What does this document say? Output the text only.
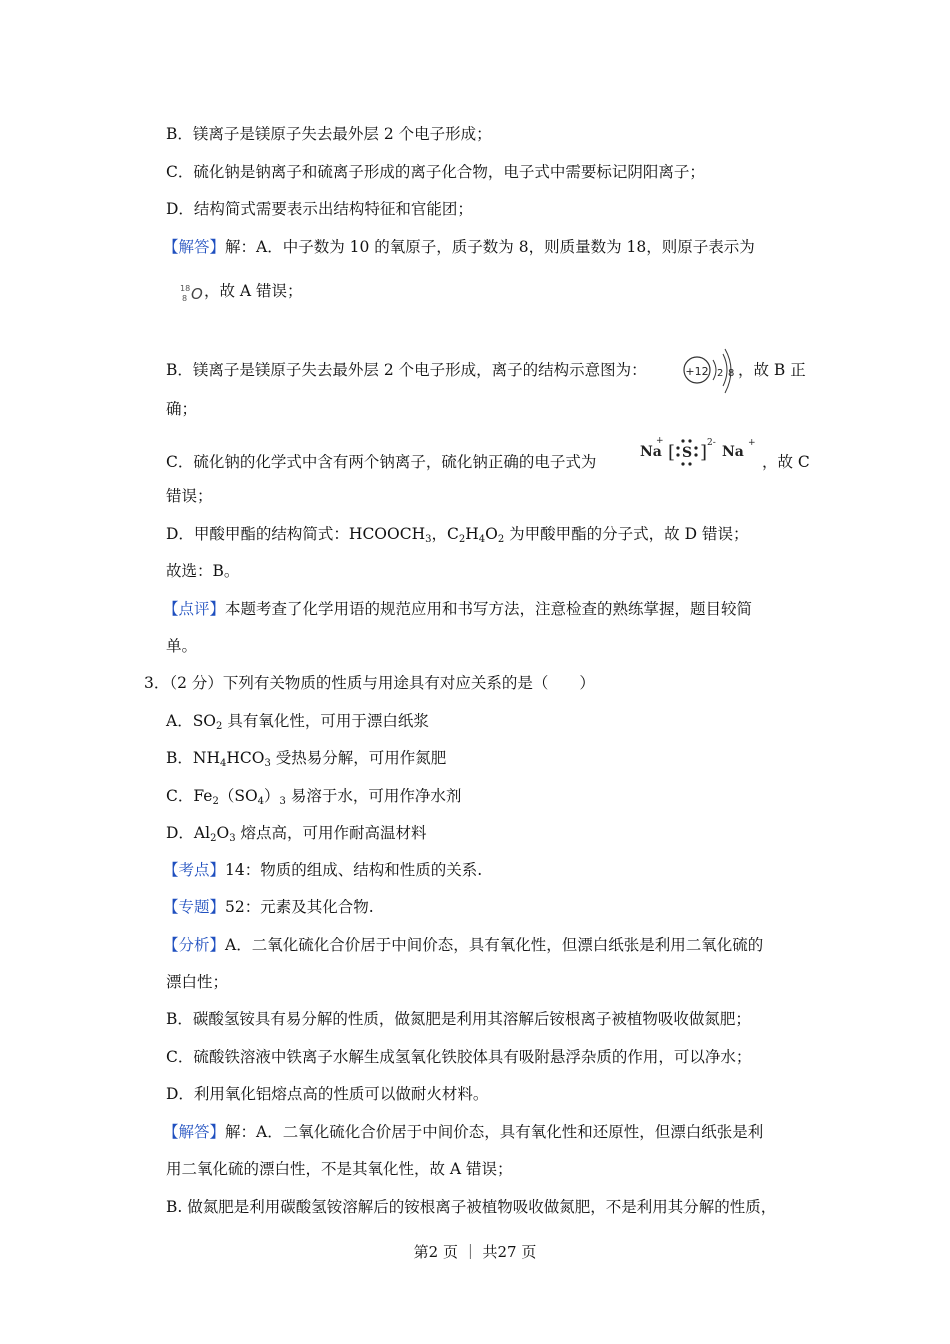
B．镁离子是镁原子失去最外层 2 个电子形成；
C．硫化钠是钠离子和硫离子形成的离子化合物，电子式中需要标记阴阳离子；
D．结构简式需要表示出结构特征和官能团；
【解答】解：A．中子数为 10 的氧原子，质子数为 8，则质量数为 18，则原子表示为
18
8 O ，故 A 错误；
B．镁离子是镁原子失去最外层 2 个电子形成，离子的结构示意图为：	+12 2 8 ，故 B 正
确；
C．硫化钠的化学式中含有两个钠离子，硫化钠正确的电子式为
Na
+
[ S ] 2-
Na
+
，故 C
错误；
D．甲酸甲酯的结构简式：$HCOOCH_3$，$C_2H_4O_2$ 为甲酸甲酯的分子式，故 D 错误；
故选：B。
【点评】本题考查了化学用语的规范应用和书写方法，注意检查的熟练掌握，题目较简
单。
3．（2 分）下列有关物质的性质与用途具有对应关系的是（　　）
A．$SO_2$ 具有氧化性，可用于漂白纸浆
B．$NH_4HCO_3$ 受热易分解，可用作氮肥
C．$Fe_2(SO_4)_3$ 易溶于水，可用作净水剂
D．$Al_2O_3$ 熔点高，可用作耐高温材料
【考点】14：物质的组成、结构和性质的关系.
【专题】52：元素及其化合物.
【分析】A．二氧化硫化合价居于中间价态，具有氧化性，但漂白纸张是利用二氧化硫的
漂白性；
B．碳酸氢铵具有易分解的性质，做氮肥是利用其溶解后铵根离子被植物吸收做氮肥；
C．硫酸铁溶液中铁离子水解生成氢氧化铁胶体具有吸附悬浮杂质的作用，可以净水；
D．利用氧化铝熔点高的性质可以做耐火材料。
【解答】解：A．二氧化硫化合价居于中间价态，具有氧化性和还原性，但漂白纸张是利
用二氧化硫的漂白性，不是其氧化性，故 A 错误；
B. 做氮肥是利用碳酸氢铵溶解后的铵根离子被植物吸收做氮肥，不是利用其分解的性质，
第2 页 ｜ 共27 页
